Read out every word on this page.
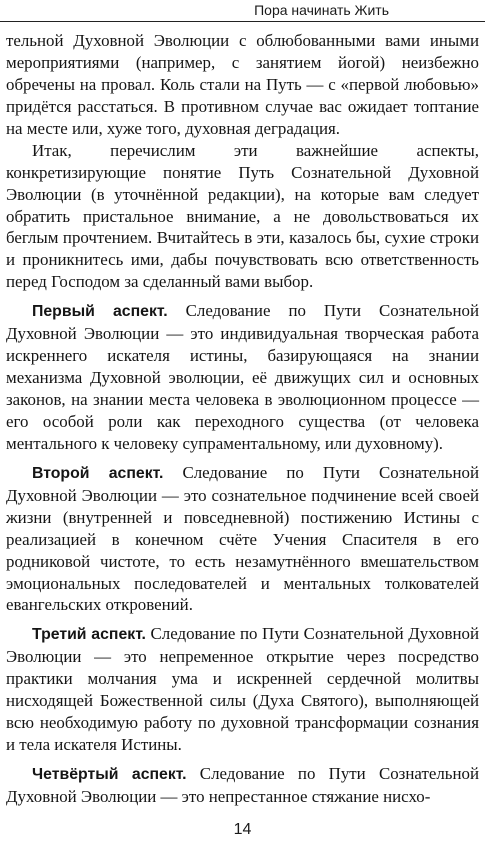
Пора начинать Жить

тельной Духовной Эволюции с облюбованными вами иными мероприятиями (например, с занятием йогой) неизбежно обречены на провал. Коль стали на Путь — с «первой любовью» придётся расстаться. В противном случае вас ожидает топтание на месте или, хуже того, духовная деградация.

Итак, перечислим эти важнейшие аспекты, конкретизирующие понятие Путь Сознательной Духовной Эволюции (в уточнённой редакции), на которые вам следует обратить пристальное внимание, а не довольствоваться их беглым прочтением. Вчитайтесь в эти, казалось бы, сухие строки и проникнитесь ими, дабы почувствовать всю ответственность перед Господом за сделанный вами выбор.

Первый аспект. Следование по Пути Сознательной Духовной Эволюции — это индивидуальная творческая работа искреннего искателя истины, базирующаяся на знании механизма Духовной эволюции, её движущих сил и основных законов, на знании места человека в эволюционном процессе — его особой роли как переходного существа (от человека ментального к человеку супраментальному, или духовному).

Второй аспект. Следование по Пути Сознательной Духовной Эволюции — это сознательное подчинение всей своей жизни (внутренней и повседневной) постижению Истины с реализацией в конечном счёте Учения Спасителя в его родниковой чистоте, то есть незамутнённого вмешательством эмоциональных последователей и ментальных толкователей евангельских откровений.

Третий аспект. Следование по Пути Сознательной Духовной Эволюции — это непременное открытие через посредство практики молчания ума и искренней сердечной молитвы нисходящей Божественной силы (Духа Святого), выполняющей всю необходимую работу по духовной трансформации сознания и тела искателя Истины.

Четвёртый аспект. Следование по Пути Сознательной Духовной Эволюции — это непрестанное стяжание нисхо-

14
